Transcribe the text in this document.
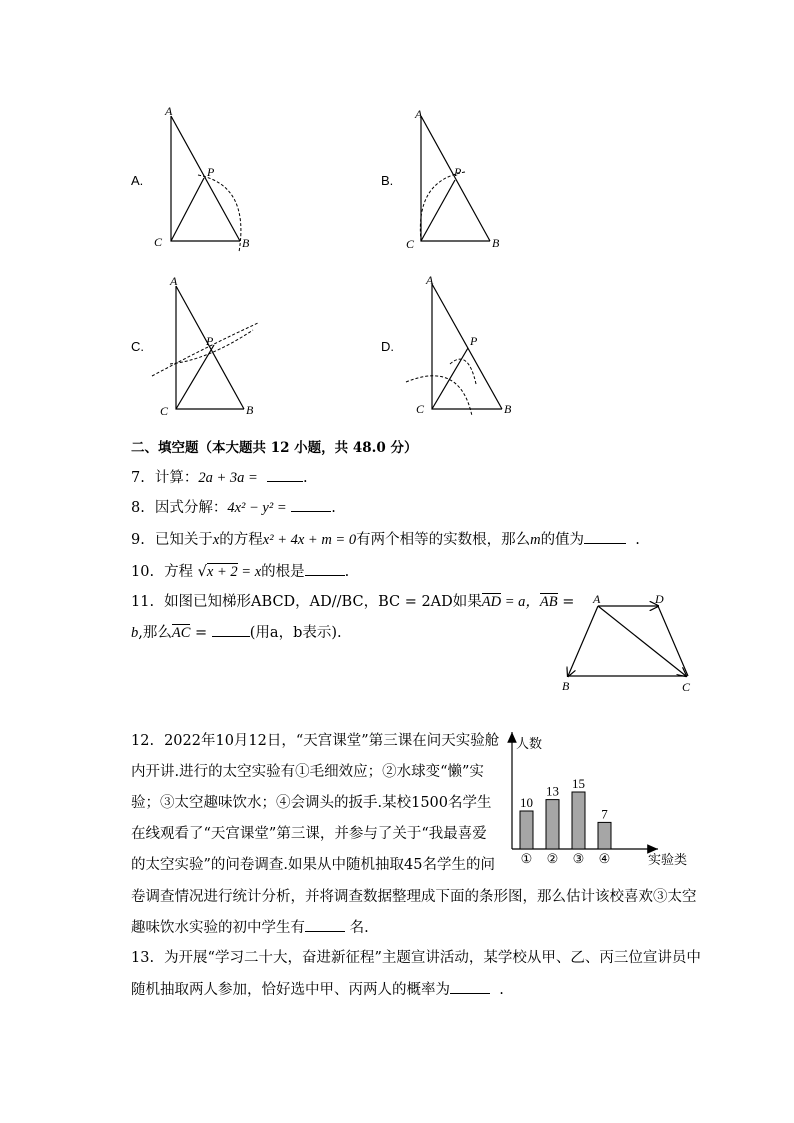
A.
A
P
C	B
B.
A
P
C	B
C.
A
P
C	B
D.
A
P
C	B
二、填空题（本大题共 12 小题，共 48.0 分）
7. 计算：2a + 3a =	.
8. 因式分解：4x² − y² =	.
9. 已知关于x的方程x² + 4x + m = 0有两个相等的实数根，那么m的值为	.
10. 方程 √x + 2 = x的根是	.
11. 如图已知梯形ABCD，AD//BC，BC = 2AD如果AD = a，AB =
b,那么AC =	(用a，b表示).
A	D
B	C
12. 2022年10月12日，“天宫课堂”第三课在问天实验舱
内开讲.进行的太空实验有①毛细效应；②水球变“懒”实
验；③太空趣味饮水；④会调头的扳手.某校1500名学生
在线观看了“天宫课堂”第三课，并参与了关于“我最喜爱
的太空实验”的问卷调查.如果从中随机抽取45名学生的问
卷调查情况进行统计分析，并将调查数据整理成下面的条形图，那么估计该校喜欢③太空
趣味饮水实验的初中学生有	名.
人数
实验类
10
①
13
②
15
③
7
④
13. 为开展“学习二十大，奋进新征程”主题宣讲活动，某学校从甲、乙、丙三位宣讲员中
随机抽取两人参加，恰好选中甲、丙两人的概率为	.
